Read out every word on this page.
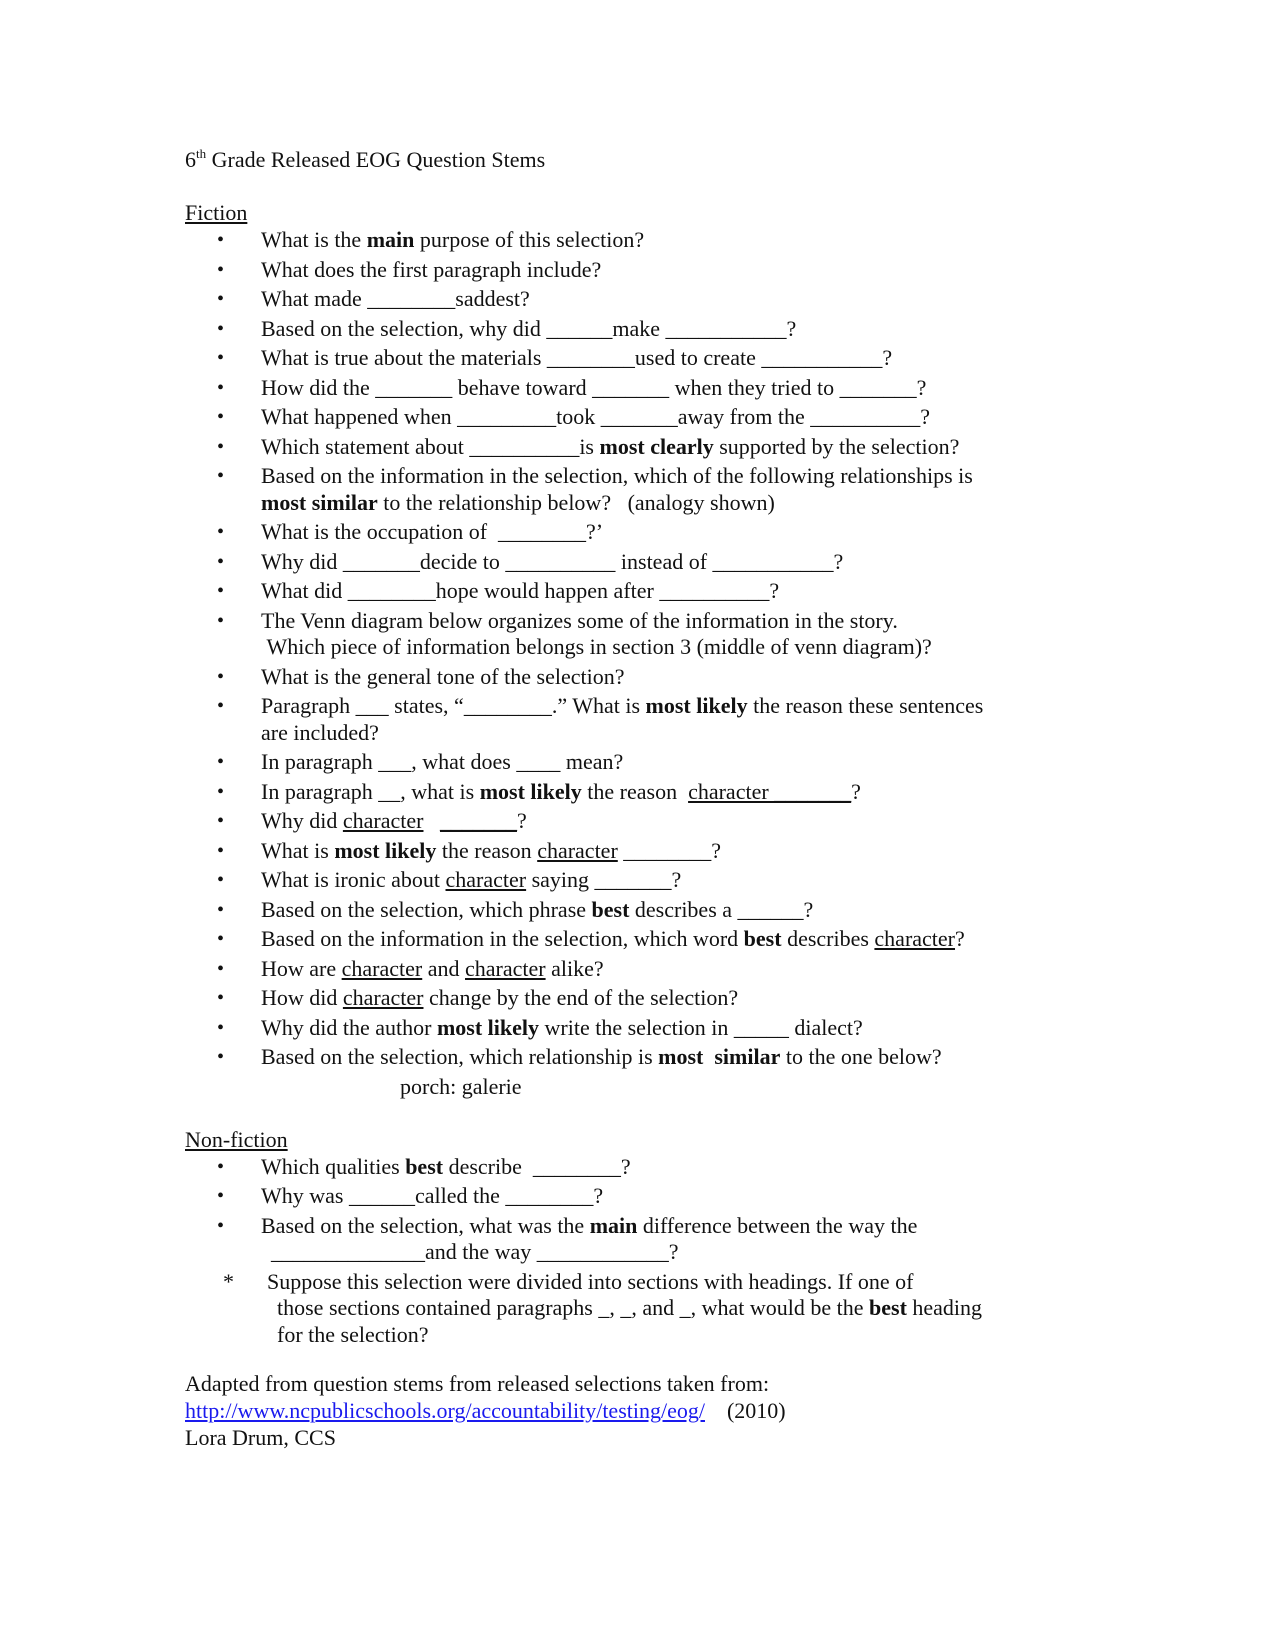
6th Grade Released EOG Question Stems

Fiction

• What is the main purpose of this selection?
• What does the first paragraph include?
• What made ________saddest?
• Based on the selection, why did ______make ___________?
• What is true about the materials ________used to create ___________?
• How did the _______ behave toward _______ when they tried to _______?
• What happened when _________took _______away from the __________?
• Which statement about __________is most clearly supported by the selection?
• Based on the information in the selection, which of the following relationships is
most similar to the relationship below?   (analogy shown)
• What is the occupation of  ________?’
• Why did _______decide to __________ instead of ___________?
• What did ________hope would happen after __________?
• The Venn diagram below organizes some of the information in the story.
Which piece of information belongs in section 3 (middle of venn diagram)?
• What is the general tone of the selection?
• Paragraph ___ states, “________.” What is most likely the reason these sentences
are included?
• In paragraph ___, what does ____ mean?
• In paragraph __, what is most likely the reason  character _______?
• Why did character _______?
• What is most likely the reason character ________?
• What is ironic about character saying _______?
• Based on the selection, which phrase best describes a ______?
• Based on the information in the selection, which word best describes character?
• How are character and character alike?
• How did character change by the end of the selection?
• Why did the author most likely write the selection in _____ dialect?
• Based on the selection, which relationship is most  similar to the one below?
porch: galerie

Non-fiction

• Which qualities best describe  ________?
• Why was ______called the ________?
• Based on the selection, what was the main difference between the way the
______________and the way ____________?
* Suppose this selection were divided into sections with headings. If one of
those sections contained paragraphs _, _, and _, what would be the best heading
for the selection?
Adapted from question stems from released selections taken from:
http://www.ncpublicschools.org/accountability/testing/eog/    (2010)
Lora Drum, CCS
